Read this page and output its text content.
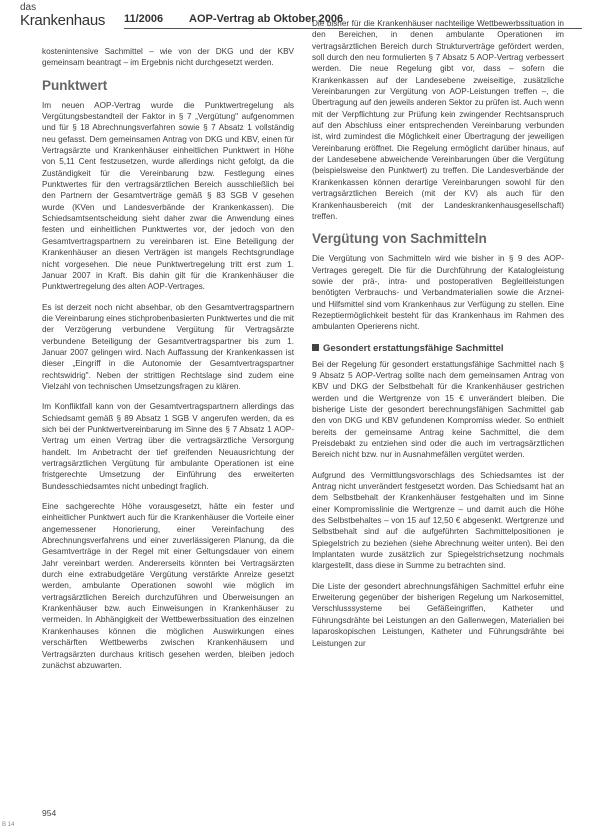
das
Krankenhaus 11/2006 AOP-Vertrag ab Oktober 2006

kostenintensive Sachmittel – wie von der DKG und der KBV gemeinsam beantragt – im Ergebnis nicht durchgesetzt werden.

Punktwert

Im neuen AOP-Vertrag wurde die Punktwertregelung als Vergütungsbestandteil der Faktor in § 7 „Vergütung" aufgenommen und für § 18 Abrechnungsverfahren sowie § 7 Absatz 1 vollständig neu gefasst. Dem gemeinsamen Antrag von DKG und KBV, einen für Vertragsärzte und Krankenhäuser einheitlichen Punktwert in Höhe von 5,11 Cent festzusetzen, wurde allerdings nicht gefolgt, da die Zuständigkeit für die Vereinbarung bzw. Festlegung eines Punktwertes für den vertragsärztlichen Bereich ausschließlich bei den Partnern der Gesamtverträge gemäß § 83 SGB V gesehen wurde (KVen und Landesverbände der Krankenkassen). Die Schiedsamtsentscheidung sieht daher zwar die Anwendung eines festen und einheitlichen Punktwertes vor, der jedoch von den Gesamtvertragspartnern zu vereinbaren ist. Eine Beteiligung der Krankenhäuser an diesen Verträgen ist mangels Rechtsgrundlage nicht vorgesehen. Die neue Punktwertregelung tritt erst zum 1. Januar 2007 in Kraft. Bis dahin gilt für die Krankenhäuser die Punktwertregelung des alten AOP-Vertrages.

Es ist derzeit noch nicht absehbar, ob den Gesamtvertragspartnern die Vereinbarung eines stichprobenbasierten Punktwertes und die mit der Verzögerung verbundene Vergütung für Vertragsärzte verbundene Beteiligung der Gesamtvertragspartner bis zum 1. Januar 2007 gelingen wird. Nach Auffassung der Krankenkassen ist dieser „Eingriff in die Autonomie der Gesamtvertragspartner rechtswidrig". Neben der strittigen Rechtslage sind zudem eine Vielzahl von technischen Umsetzungsfragen zu klären.

Im Konfliktfall kann von der Gesamtvertragspartnern allerdings das Schiedsamt gemäß § 89 Absatz 1 SGB V angerufen werden, da es sich bei der Punktwertvereinbarung im Sinne des § 7 Absatz 1 AOP-Vertrag um einen Vertrag über die vertragsärztliche Versorgung handelt. Im Anbetracht der tief greifenden Neuausrichtung der vertragsärztlichen Vergütung für ambulante Operationen ist eine fristgerechte Umsetzung der Einführung des erweiterten Bundesschiedsamtes nicht unbedingt fraglich.

Eine sachgerechte Höhe vorausgesetzt, hätte ein fester und einheitlicher Punktwert auch für die Krankenhäuser die Vorteile einer angemessener Honorierung, einer Vereinfachung des Abrechnungsverfahrens und einer zuverlässigeren Planung, da die Gesamtverträge in der Regel mit einer Geltungsdauer von einem Jahr vereinbart werden. Andererseits könnten bei Vertragsärzten durch eine extrabudgetäre Vergütung verstärkte Anreize gesetzt werden, ambulante Operationen sowohl wie möglich im vertragsärztlichen Bereich durchzuführen und Überweisungen an Krankenhäuser bzw. auch Einweisungen in Krankenhäuser zu vermeiden. In Abhängigkeit der Wettbewerbssituation des einzelnen Krankenhauses können die möglichen Auswirkungen eines verschärften Wettbewerbs zwischen Krankenhäusern und Vertragsärzten durchaus kritisch gesehen werden, bleiben jedoch zunächst abzuwarten.

Die bisher für die Krankenhäuser nachteilige Wettbewerbssituation in den Bereichen, in denen ambulante Operationen im vertragsärztlichen Bereich durch Strukturverträge gefördert werden, soll durch den neu formulierten § 7 Absatz 5 AOP-Vertrag verbessert werden. Die neue Regelung gibt vor, dass – sofern die Krankenkassen auf der Landesebene zweiseitige, zusätzliche Vereinbarungen zur Vergütung von AOP-Leistungen treffen –, die Übertragung auf den jeweils anderen Sektor zu prüfen ist. Auch wenn mit der Verpflichtung zur Prüfung kein zwingender Rechtsanspruch auf den Abschluss einer entsprechenden Vereinbarung verbunden ist, wird zumindest die Möglichkeit einer Übertragung der jeweiligen Vereinbarung eröffnet. Die Regelung ermöglicht darüber hinaus, auf der Landesebene abweichende Vereinbarungen über die Vergütung (beispielsweise den Punktwert) zu treffen. Die Landesverbände der Krankenkassen können derartige Vereinbarungen sowohl für den vertragsärztlichen Bereich (mit der KV) als auch für den Krankenhausbereich (mit der Landeskrankenhausgesellschaft) treffen.

Vergütung von Sachmitteln

Die Vergütung von Sachmitteln wird wie bisher in § 9 des AOP-Vertrages geregelt. Die für die Durchführung der Katalogleistung sowie der prä-, intra- und postoperativen Begleitleistungen benötigten Verbrauchs- und Verbandmaterialien sowie die Arznei- und Hilfsmittel sind vom Krankenhaus zur Verfügung zu stellen. Eine Rezeptiermöglichkeit besteht für das Krankenhaus im Rahmen des ambulanten Operierens nicht.

Gesondert erstattungsfähige Sachmittel

Bei der Regelung für gesondert erstattungsfähige Sachmittel nach § 9 Absatz 5 AOP-Vertrag sollte nach dem gemeinsamen Antrag von KBV und DKG der Selbstbehalt für die Krankenhäuser gestrichen werden und die Wertgrenze von 15 € unverändert bleiben. Die bisherige Liste der gesondert berechnungsfähigen Sachmittel gab den von DKG und KBV gefundenen Kompromiss wieder. So enthielt bereits der gemeinsame Antrag keine Sachmittel, die dem Preisdebakt zu entziehen sind oder die auch im vertragsärztlichen Bereich nicht bzw. nur in Ausnahmefällen vergütet werden.

Aufgrund des Vermittlungsvorschlags des Schiedsamtes ist der Antrag nicht unverändert festgesetzt worden. Das Schiedsamt hat an dem Selbstbehalt der Krankenhäuser festgehalten und im Sinne einer Kompromisslinie die Wertgrenze – und damit auch die Höhe des Selbstbehaltes – von 15 auf 12,50 € abgesenkt. Wertgrenze und Selbstbehalt sind auf die aufgeführten Sachmittelpositionen je Spiegelstrich zu beziehen (siehe Abrechnung weiter unten). Bei den Implantaten wurde zusätzlich zur Spiegelstrichsetzung nochmals klargestellt, dass diese in Summe zu betrachten sind.

Die Liste der gesondert abrechnungsfähigen Sachmittel erfuhr eine Erweiterung gegenüber der bisherigen Regelung um Narkosemittel, Verschlusssysteme bei Gefäßeingriffen, Katheter und Führungsdrähte bei Leistungen an den Gallenwegen, Materialien bei laparoskopischen Leistungen, Katheter und Führungsdrähte bei Leistungen zur

954
B 14
